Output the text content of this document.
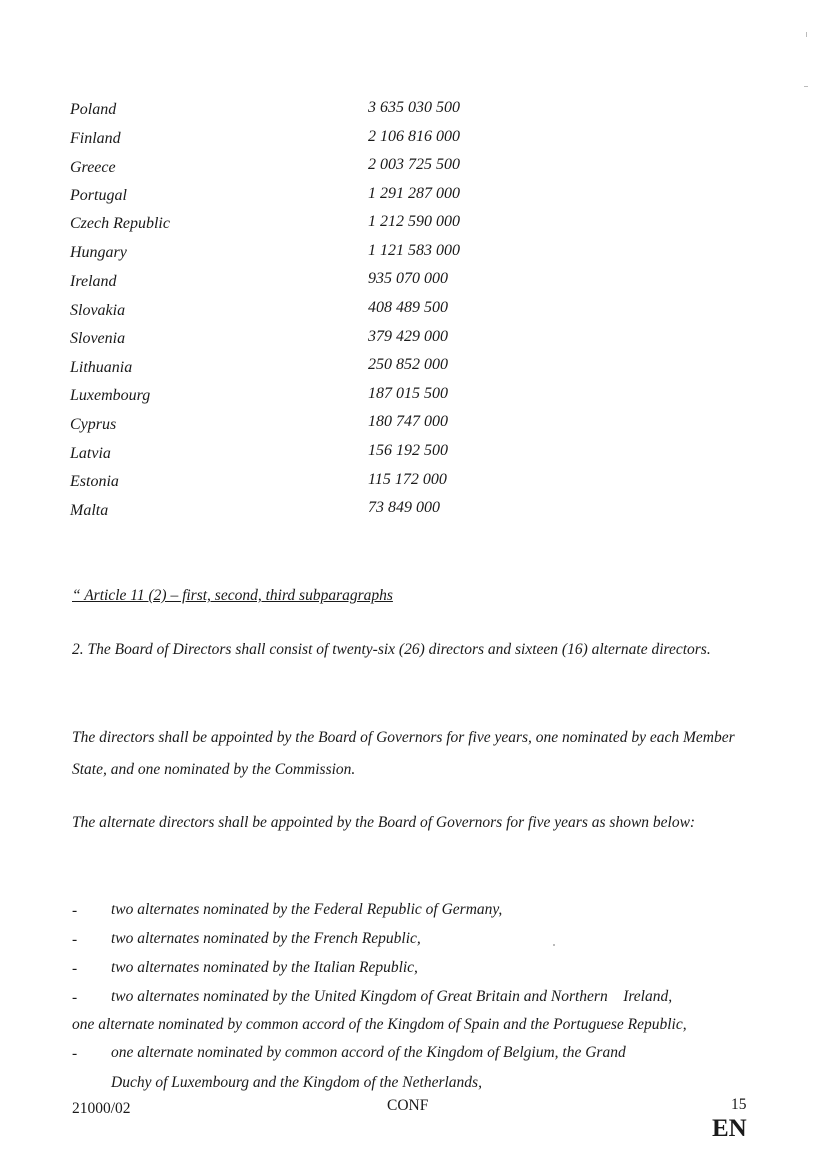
Poland	3 635 030 500
Finland	2 106 816 000
Greece	2 003 725 500
Portugal	1 291 287 000
Czech Republic	1 212 590 000
Hungary	1 121 583 000
Ireland	935 070 000
Slovakia	408 489 500
Slovenia	379 429 000
Lithuania	250 852 000
Luxembourg	187 015 500
Cyprus	180 747 000
Latvia	156 192 500
Estonia	115 172 000
Malta	73 849 000
“ Article 11 (2) – first, second, third subparagraphs

2. The Board of Directors shall consist of twenty-six (26) directors and sixteen (16) alternate directors.

The directors shall be appointed by the Board of Governors for five years, one nominated by each Member State, and one nominated by the Commission.

The alternate directors shall be appointed by the Board of Governors for five years as shown below:

- two alternates nominated by the Federal Republic of Germany,
- two alternates nominated by the French Republic,
- two alternates nominated by the Italian Republic,
- two alternates nominated by the United Kingdom of Great Britain and Northern    Ireland,
one alternate nominated by common accord of the Kingdom of Spain and the Portuguese Republic,
- one alternate nominated by common accord of the Kingdom of Belgium, the Grand
Duchy of Luxembourg and the Kingdom of the Netherlands,
21000/02	CONF	15
EN
